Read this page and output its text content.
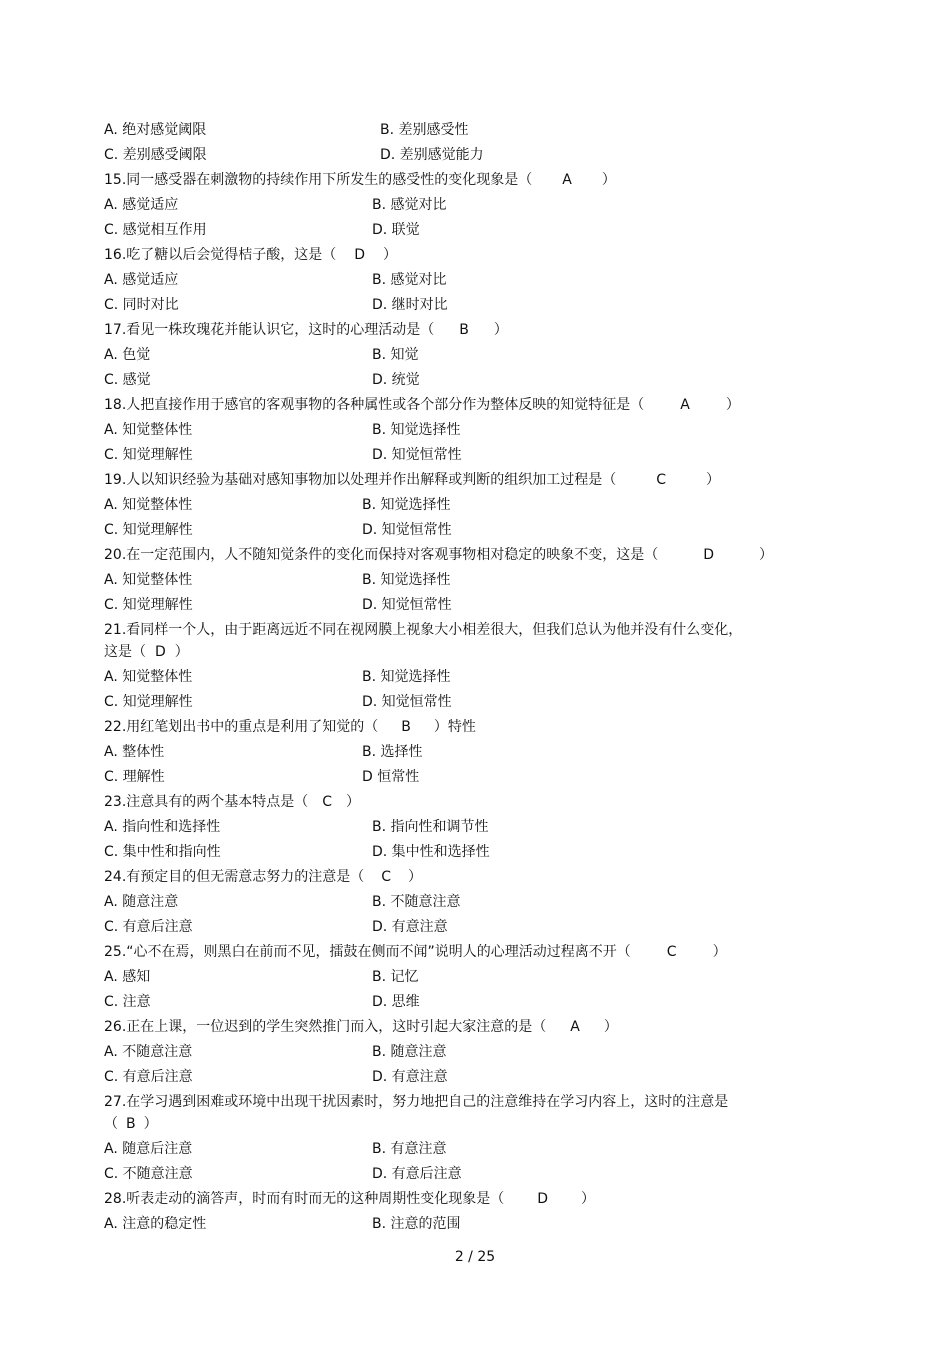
A. 绝对感觉阈限	B. 差别感受性
C. 差别感受阈限	D. 差别感觉能力
15.同一感受器在刺激物的持续作用下所发生的感受性的变化现象是（ A ）
A. 感觉适应	B. 感觉对比
C. 感觉相互作用	D. 联觉
16.吃了糖以后会觉得桔子酸，这是（ D ）
A. 感觉适应	B. 感觉对比
C. 同时对比	D. 继时对比
17.看见一株玫瑰花并能认识它，这时的心理活动是（ B ）
A. 色觉	B. 知觉
C. 感觉	D. 统觉
18.人把直接作用于感官的客观事物的各种属性或各个部分作为整体反映的知觉特征是（	A	）
A. 知觉整体性	B. 知觉选择性
C. 知觉理解性	D. 知觉恒常性
19.人以知识经验为基础对感知事物加以处理并作出解释或判断的组织加工过程是（	C	）
A. 知觉整体性	B. 知觉选择性
C. 知觉理解性	D. 知觉恒常性
20.在一定范围内，人不随知觉条件的变化而保持对客观事物相对稳定的映象不变，这是（	D	）
A. 知觉整体性	B. 知觉选择性
C. 知觉理解性	D. 知觉恒常性
21.看同样一个人，由于距离远近不同在视网膜上视象大小相差很大，但我们总认为他并没有什么变化，
这是（ D ）
A. 知觉整体性	B. 知觉选择性
C. 知觉理解性	D. 知觉恒常性
22.用红笔划出书中的重点是利用了知觉的（ B ）特性
A. 整体性	B. 选择性
C. 理解性	D 恒常性
23.注意具有的两个基本特点是（ C ）
A. 指向性和选择性	B. 指向性和调节性
C. 集中性和指向性	D. 集中性和选择性
24.有预定目的但无需意志努力的注意是（ C ）
A. 随意注意	B. 不随意注意
C. 有意后注意	D. 有意注意
25.“心不在焉，则黑白在前而不见，擂鼓在侧而不闻”说明人的心理活动过程离不开（	C	）
A. 感知	B. 记忆
C. 注意	D. 思维
26.正在上课，一位迟到的学生突然推门而入，这时引起大家注意的是（ A ）
A. 不随意注意	B. 随意注意
C. 有意后注意	D. 有意注意
27.在学习遇到困难或环境中出现干扰因素时，努力地把自己的注意维持在学习内容上，这时的注意是
（ B ）
A. 随意后注意	B. 有意注意
C. 不随意注意	D. 有意后注意
28.听表走动的滴答声，时而有时而无的这种周期性变化现象是（ D ）
A. 注意的稳定性	B. 注意的范围
2 / 25
